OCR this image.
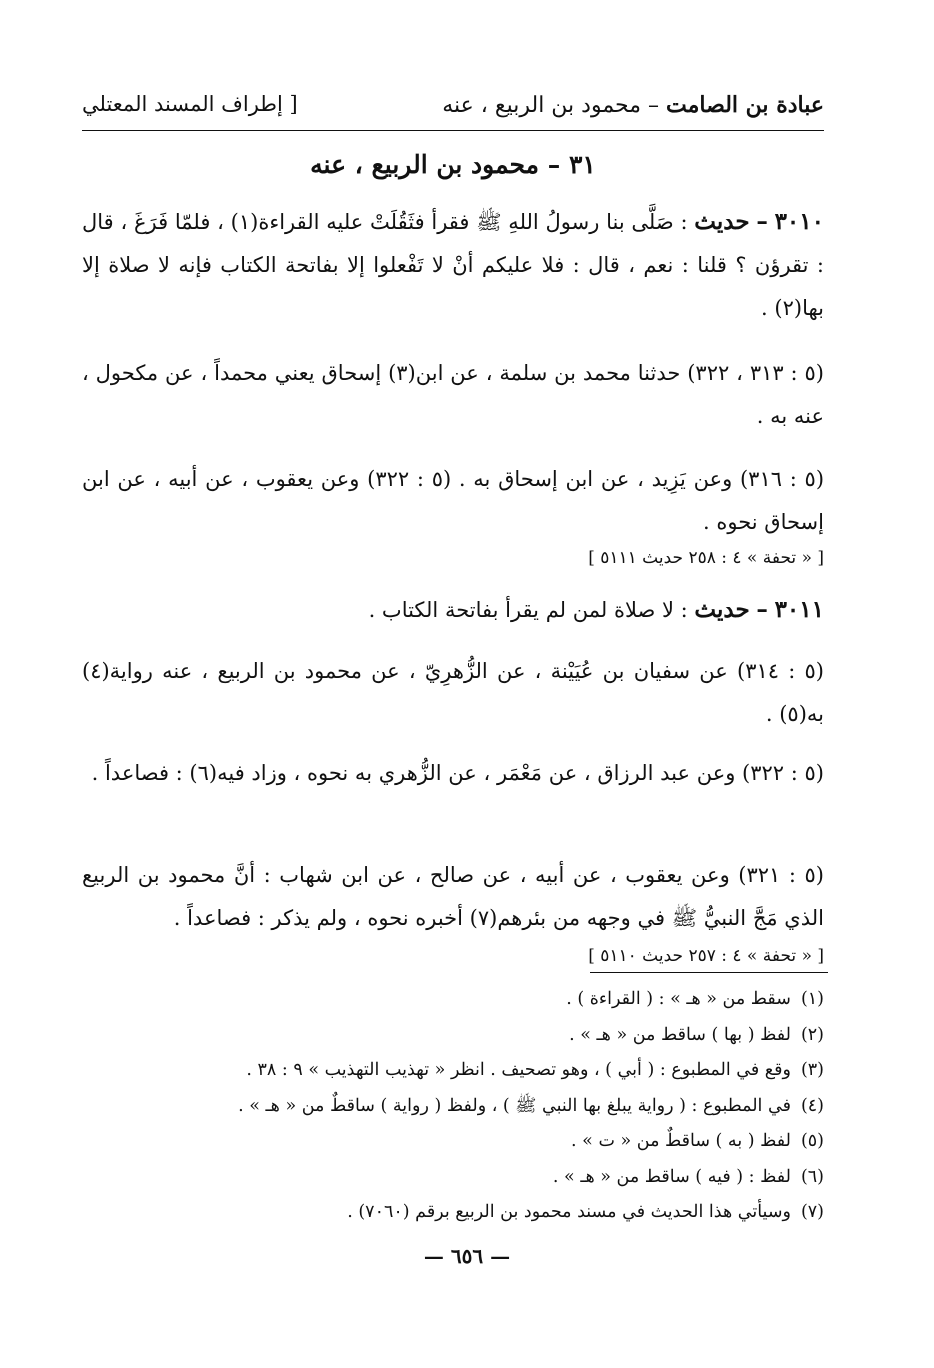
عبادة بن الصامت – محمود بن الربيع ، عنه
[ إطراف المسند المعتلي
٣١ – محمود بن الربيع ، عنه
٣٠١٠ – حديث : صَلَّى بنا رسولُ اللهِ ﷺ فقرأ فثَقُلَتْ عليه القراءة(١) ، فلمّا فَرَغَ ، قال : تقرؤن ؟ قلنا : نعم ، قال : فلا عليكم أنْ لا تَفْعلوا إلا بفاتحة الكتاب فإنه لا صلاة إلا بها(٢) .
(٥ : ٣١٣ ، ٣٢٢) حدثنا محمد بن سلمة ، عن ابن(٣) إسحاق يعني محمداً ، عن مكحول ، عنه به .
(٥ : ٣١٦) وعن يَزِيد ، عن ابن إسحاق به . (٥ : ٣٢٢) وعن يعقوب ، عن أبيه ، عن ابن إسحاق نحوه .
[ « تحفة » ٤ : ٢٥٨ حديث ٥١١١ ]
٣٠١١ – حديث : لا صلاة لمن لم يقرأ بفاتحة الكتاب .
(٥ : ٣١٤) عن سفيان بن عُيَيْنة ، عن الزُّهرِيّ ، عن محمود بن الربيع ، عنه رواية(٤) به(٥) .
(٥ : ٣٢٢) وعن عبد الرزاق ، عن مَعْمَر ، عن الزُّهري به نحوه ، وزاد فيه(٦) : فصاعداً .
(٥ : ٣٢١) وعن يعقوب ، عن أبيه ، عن صالح ، عن ابن شهاب : أنَّ محمود بن الربيع الذي مَجَّ النبيُّ ﷺ في وجهه من بئرهم(٧) أخبره نحوه ، ولم يذكر : فصاعداً .
[ « تحفة » ٤ : ٢٥٧ حديث ٥١١٠ ]
(١)سقط من « هـ » : ( القراءة ) .
(٢)لفظ ( بها ) ساقط من « هـ » .
(٣)وقع في المطبوع : ( أبي ) ، وهو تصحيف . انظر « تهذيب التهذيب » ٩ : ٣٨ .
(٤)في المطبوع : ( رواية يبلغ بها النبي ﷺ ) ، ولفظ ( رواية ) ساقطٌ من « هـ » .
(٥)لفظ ( به ) ساقطٌ من « ت » .
(٦)لفظ : ( فيه ) ساقط من « هـ » .
(٧)وسيأتي هذا الحديث في مسند محمود بن الربيع برقم (٧٠٦٠) .
— ٦٥٦ —
